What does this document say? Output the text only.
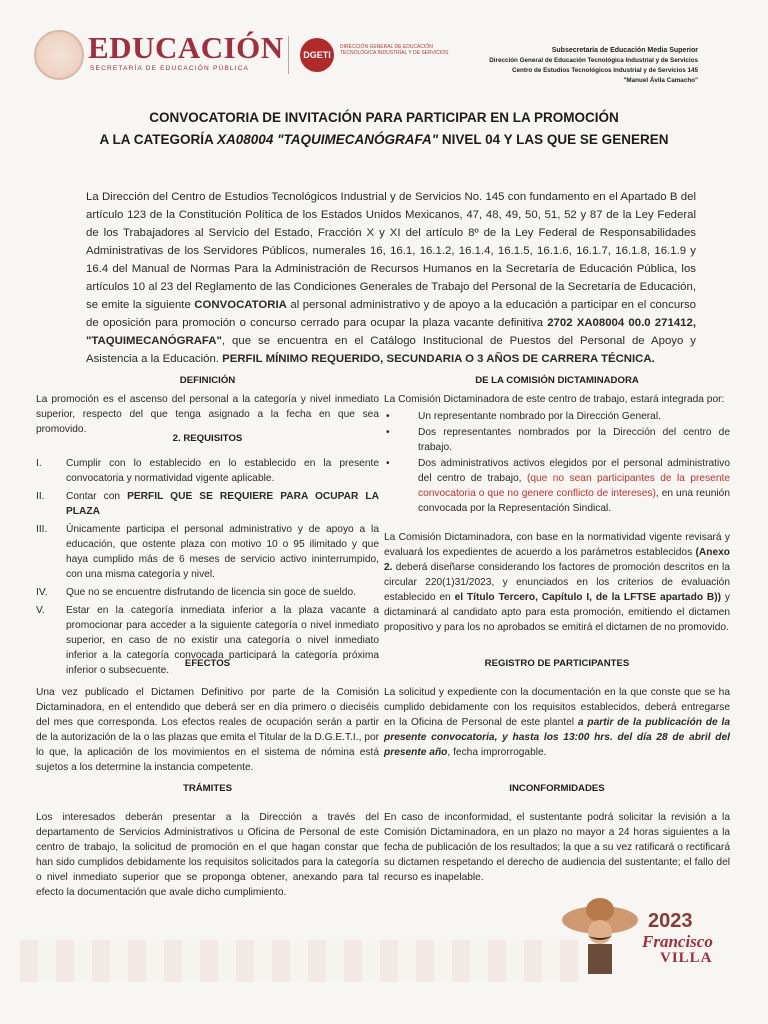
EDUCACIÓN
SECRETARÍA DE EDUCACIÓN PÚBLICA
DGETI
DIRECCIÓN GENERAL DE EDUCACIÓN TECNOLÓGICA INDUSTRIAL Y DE SERVICIOS	Subsecretaría de Educación Media Superior
Dirección General de Educación Tecnológica Industrial y de Servicios
Centro de Estudios Tecnológicos Industrial y de Servicios 145
"Manuel Ávila Camacho"
CONVOCATORIA DE INVITACIÓN PARA PARTICIPAR EN LA PROMOCIÓN
A LA CATEGORÍA XA08004 "TAQUIMECANÓGRAFA" NIVEL 04 Y LAS QUE SE GENEREN
La Dirección del Centro de Estudios Tecnológicos Industrial y de Servicios No. 145 con fundamento en el Apartado B del artículo 123 de la Constitución Política de los Estados Unidos Mexicanos, 47, 48, 49, 50, 51, 52 y 87 de la Ley Federal de los Trabajadores al Servicio del Estado, Fracción X y XI del artículo 8º de la Ley Federal de Responsabilidades Administrativas de los Servidores Públicos, numerales 16, 16.1, 16.1.2, 16.1.4, 16.1.5, 16.1.6, 16.1.7, 16.1.8, 16.1.9 y 16.4 del Manual de Normas Para la Administración de Recursos Humanos en la Secretaría de Educación Pública, los artículos 10 al 23 del Reglamento de las Condiciones Generales de Trabajo del Personal de la Secretaría de Educación, se emite la siguiente CONVOCATORIA al personal administrativo y de apoyo a la educación a participar en el concurso de oposición para promoción o concurso cerrado para ocupar la plaza vacante definitiva 2702 XA08004 00.0 271412, "TAQUIMECANÓGRAFA", que se encuentra en el Catálogo Institucional de Puestos del Personal de Apoyo y Asistencia a la Educación. PERFIL MÍNIMO REQUERIDO, SECUNDARIA O 3 AÑOS DE CARRERA TÉCNICA.
DEFINICIÓN

La promoción es el ascenso del personal a la categoría y nivel inmediato superior, respecto del que tenga asignado a la fecha en que sea promovido.

2. REQUISITOS
I. Cumplir con lo establecido en lo establecido en la presente convocatoria y normatividad vigente aplicable.
II. Contar con PERFIL QUE SE REQUIERE PARA OCUPAR LA PLAZA
III. Únicamente participa el personal administrativo y de apoyo a la educación, que ostente plaza con motivo 10 o 95 ilimitado y que haya cumplido más de 6 meses de servicio activo ininterrumpido, con una misma categoría y nivel.
IV. Que no se encuentre disfrutando de licencia sin goce de sueldo.
V. Estar en la categoría inmediata inferior a la plaza vacante a promocionar para acceder a la siguiente categoría o nivel inmediato superior, en caso de no existir una categoría o nivel inmediato inferior a la categoría convocada participará la categoría próxima inferior o subsecuente.
DE LA COMISIÓN DICTAMINADORA

La Comisión Dictaminadora de este centro de trabajo, estará integrada por:

• Un representante nombrado por la Dirección General.
• Dos representantes nombrados por la Dirección del centro de trabajo.
• Dos administrativos activos elegidos por el personal administrativo del centro de trabajo, (que no sean participantes de la presente convocatoria o que no genere conflicto de intereses), en una reunión convocada por la Representación Sindical.

La Comisión Dictaminadora, con base en la normatividad vigente revisará y evaluará los expedientes de acuerdo a los parámetros establecidos (Anexo 2. deberá diseñarse considerando los factores de promoción descritos en la circular 220(1)31/2023, y enunciados en los criterios de evaluación establecido en el Título Tercero, Capítulo I, de la LFTSE apartado B)) y dictaminará al candidato apto para esta promoción, emitiendo el dictamen propositivo y para los no aprobados se emitirá el dictamen de no promovido.

EFECTOS

Una vez publicado el Dictamen Definitivo por parte de la Comisión Dictaminadora, en el entendido que deberá ser en día primero o dieciséis del mes que corresponda. Los efectos reales de ocupación serán a partir de la autorización de la o las plazas que emita el Titular de la D.G.E.T.I., por lo que, la aplicación de los movimientos en el sistema de nómina está sujetos a los determine la instancia competente.

REGISTRO DE PARTICIPANTES

La solicitud y expediente con la documentación en la que conste que se ha cumplido debidamente con los requisitos establecidos, deberá entregarse en la Oficina de Personal de este plantel a partir de la publicación de la presente convocatoria, y hasta los 13:00 hrs. del día 28 de abril del presente año, fecha improrrogable.

TRÁMITES

Los interesados deberán presentar a la Dirección a través del departamento de Servicios Administrativos u Oficina de Personal de este centro de trabajo, la solicitud de promoción en el que hagan constar que han sido cumplidos debidamente los requisitos solicitados para la categoría o nivel inmediato superior que se proponga obtener, anexando para tal efecto la documentación que avale dicho cumplimiento.

INCONFORMIDADES

En caso de inconformidad, el sustentante podrá solicitar la revisión a la Comisión Dictaminadora, en un plazo no mayor a 24 horas siguientes a la fecha de publicación de los resultados; la que a su vez ratificará o rectificará su dictamen respetando el derecho de audiencia del sustentante; el fallo del recurso es inapelable.

2023
Francisco
VILLA
